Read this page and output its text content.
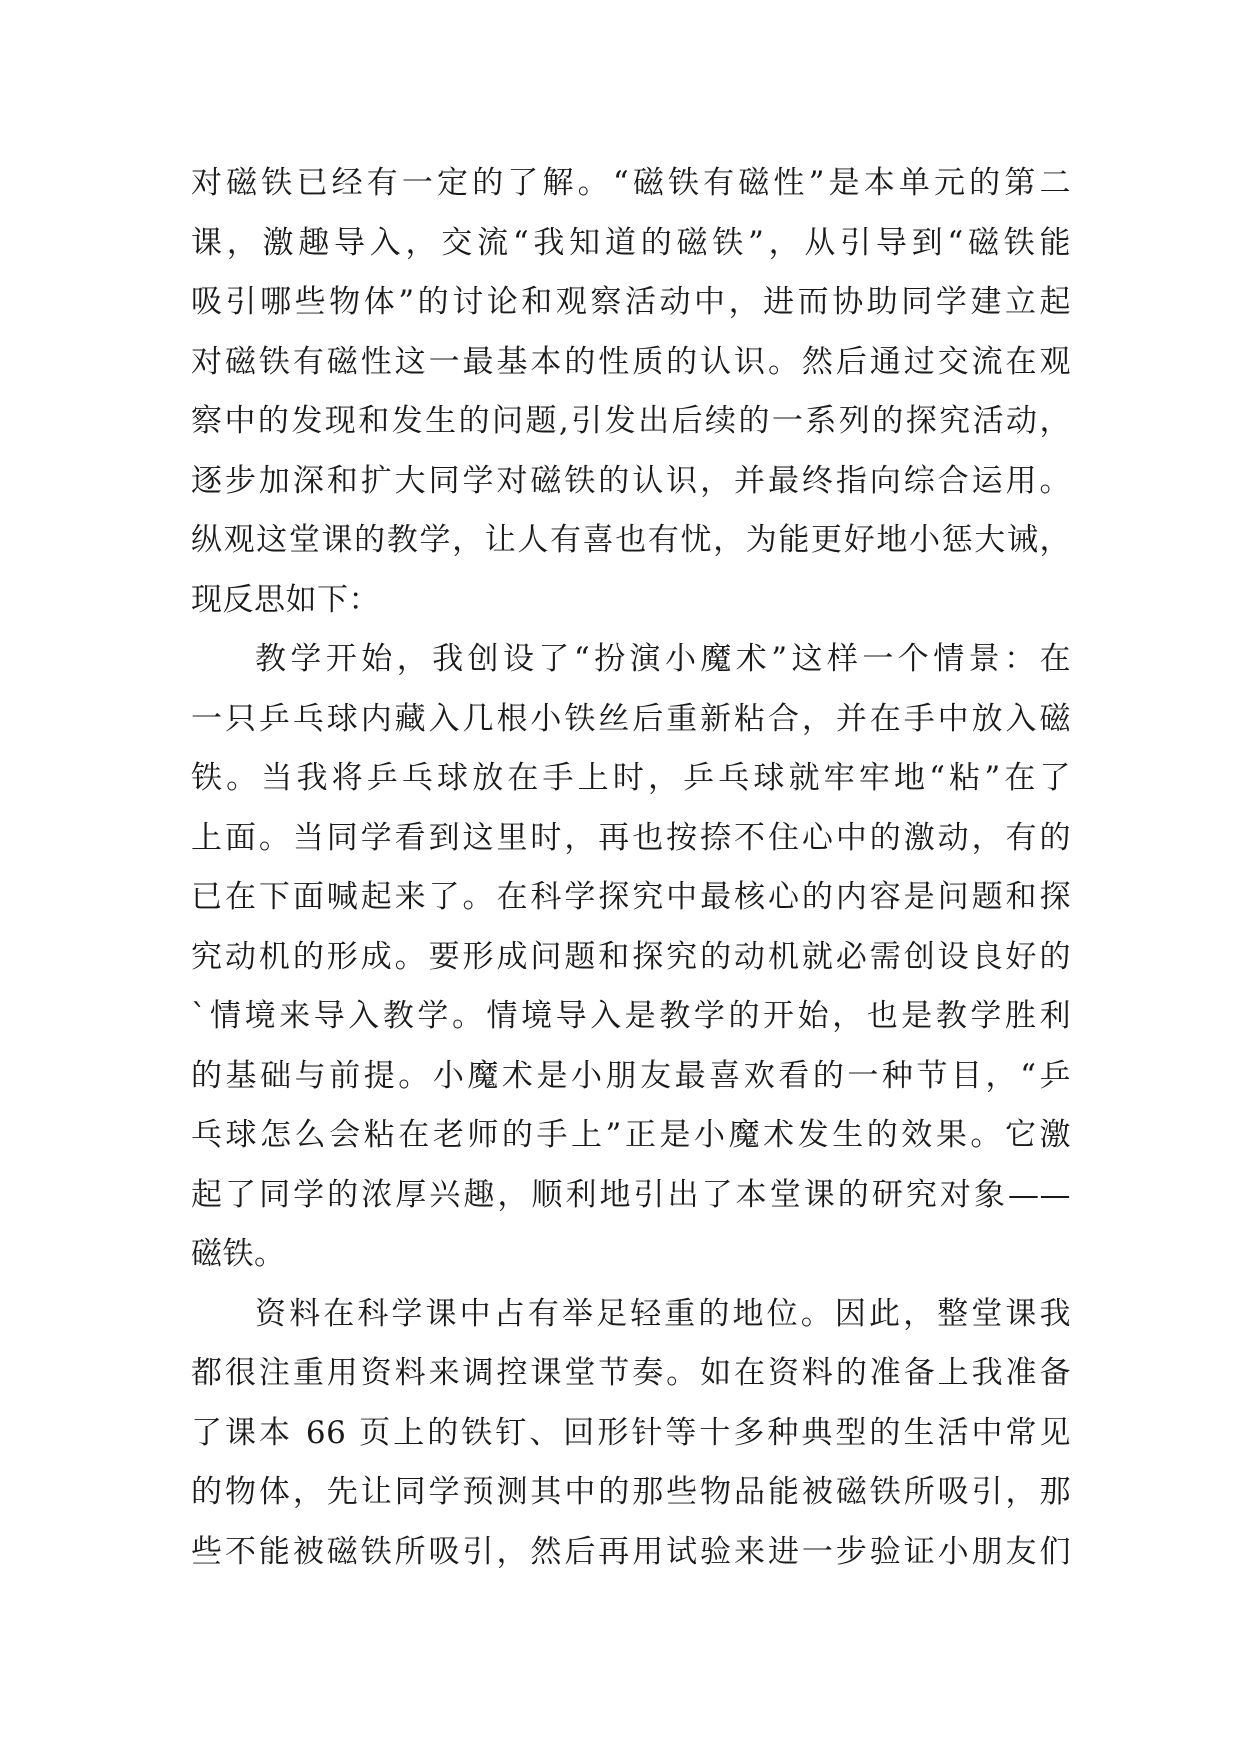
对磁铁已经有一定的了解。“磁铁有磁性”是本单元的第二
课，激趣导入，交流“我知道的磁铁”，从引导到“磁铁能
吸引哪些物体”的讨论和观察活动中，进而协助同学建立起
对磁铁有磁性这一最基本的性质的认识。然后通过交流在观
察中的发现和发生的问题,引发出后续的一系列的探究活动，
逐步加深和扩大同学对磁铁的认识，并最终指向综合运用。
纵观这堂课的教学，让人有喜也有忧，为能更好地小惩大诫，
现反思如下：
教学开始，我创设了“扮演小魔术”这样一个情景：在
一只乒乓球内藏入几根小铁丝后重新粘合，并在手中放入磁
铁。当我将乒乓球放在手上时，乒乓球就牢牢地“粘”在了
上面。当同学看到这里时，再也按捺不住心中的激动，有的
已在下面喊起来了。在科学探究中最核心的内容是问题和探
究动机的形成。要形成问题和探究的动机就必需创设良好的
`情境来导入教学。情境导入是教学的开始，也是教学胜利
的基础与前提。小魔术是小朋友最喜欢看的一种节目，“乒
乓球怎么会粘在老师的手上”正是小魔术发生的效果。它激
起了同学的浓厚兴趣，顺利地引出了本堂课的研究对象——
磁铁。
资料在科学课中占有举足轻重的地位。因此，整堂课我
都很注重用资料来调控课堂节奏。如在资料的准备上我准备
了课本 66 页上的铁钉、回形针等十多种典型的生活中常见
的物体，先让同学预测其中的那些物品能被磁铁所吸引，那
些不能被磁铁所吸引，然后再用试验来进一步验证小朋友们
